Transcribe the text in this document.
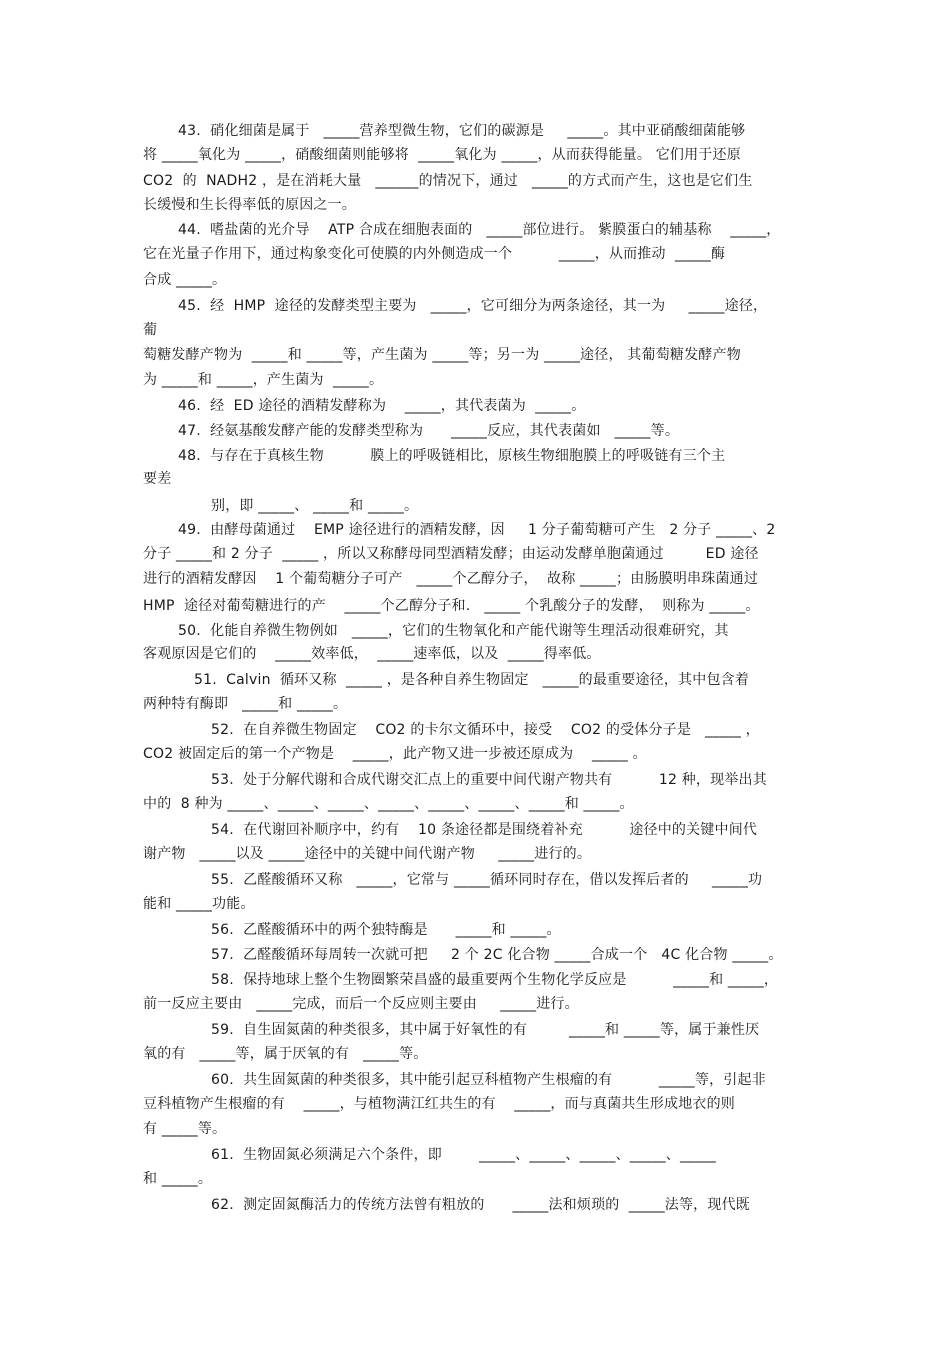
43.  硝化细菌是属于   _____营养型微生物，它们的碳源是     _____。其中亚硝酸细菌能够
将 _____氧化为 _____，硝酸细菌则能够将  _____氧化为 _____，从而获得能量。 它们用于还原
CO2  的  NADH2 ，是在消耗大量   ______的情况下，通过   _____的方式而产生，这也是它们生
长缓慢和生长得率低的原因之一。
44.  嗜盐菌的光介导    ATP 合成在细胞表面的   _____部位进行。 紫膜蛋白的辅基称    _____，
它在光量子作用下，通过构象变化可使膜的内外侧造成一个          _____，从而推动  _____酶
合成 _____。
45.  经  HMP  途径的发酵类型主要为   _____，它可细分为两条途径，其一为     _____途径，
葡
萄糖发酵产物为  _____和 _____等，产生菌为 _____等；另一为 _____途径， 其葡萄糖发酵产物
为 _____和 _____，产生菌为  _____。
46.  经  ED 途径的酒精发酵称为    _____，其代表菌为  _____。
47.  经氨基酸发酵产能的发酵类型称为      _____反应，其代表菌如   _____等。
48.  与存在于真核生物          膜上的呼吸链相比，原核生物细胞膜上的呼吸链有三个主
要差
别，即 _____、 _____和 _____。
49.  由酵母菌通过    EMP 途径进行的酒精发酵，因     1 分子葡萄糖可产生   2 分子 _____、2
分子 _____和 2 分子  _____ ，所以又称酵母同型酒精发酵；由运动发酵单胞菌通过         ED 途径
进行的酒精发酵因    1 个葡萄糖分子可产   _____个乙醇分子，  故称 _____；由肠膜明串珠菌通过
HMP  途径对葡萄糖进行的产    _____个乙醇分子和.   _____ 个乳酸分子的发酵，  则称为 _____。
50.  化能自养微生物例如   _____，它们的生物氧化和产能代谢等生理活动很难研究，其
客观原因是它们的    _____效率低，  _____速率低，以及  _____得率低。
51.  Calvin  循环又称  _____ ，是各种自养生物固定   _____的最重要途径，其中包含着
两种特有酶即   _____和 _____。
52.  在自养微生物固定    CO2 的卡尔文循环中，接受    CO2 的受体分子是   _____ ，
CO2 被固定后的第一个产物是    _____，此产物又进一步被还原成为    _____ 。
53.  处于分解代谢和合成代谢交汇点上的重要中间代谢产物共有          12 种，现举出其
中的  8 种为 _____、_____、_____、_____、_____、_____、_____和 _____。
54.  在代谢回补顺序中，约有    10 条途径都是围绕着补充          途径中的关键中间代
谢产物   _____以及 _____途径中的关键中间代谢产物     _____进行的。
55.  乙醛酸循环又称   _____，它常与 _____循环同时存在，借以发挥后者的     _____功
能和 _____功能。
56.  乙醛酸循环中的两个独特酶是      _____和 _____。
57.  乙醛酸循环每周转一次就可把     2 个 2C 化合物 _____合成一个   4C 化合物 _____。
58.  保持地球上整个生物圈繁荣昌盛的最重要两个生物化学反应是          _____和 _____，
前一反应主要由   _____完成，而后一个反应则主要由     _____进行。
59.  自生固氮菌的种类很多，其中属于好氧性的有         _____和 _____等，属于兼性厌
氧的有   _____等，属于厌氧的有   _____等。
60.  共生固氮菌的种类很多，其中能引起豆科植物产生根瘤的有          _____等，引起非
豆科植物产生根瘤的有    _____，与植物满江红共生的有    _____，而与真菌共生形成地衣的则
有 _____等。
61.  生物固氮必须满足六个条件，即        _____、_____、_____、_____、_____
和 _____。
62.  测定固氮酶活力的传统方法曾有粗放的      _____法和烦琐的  _____法等，现代既
